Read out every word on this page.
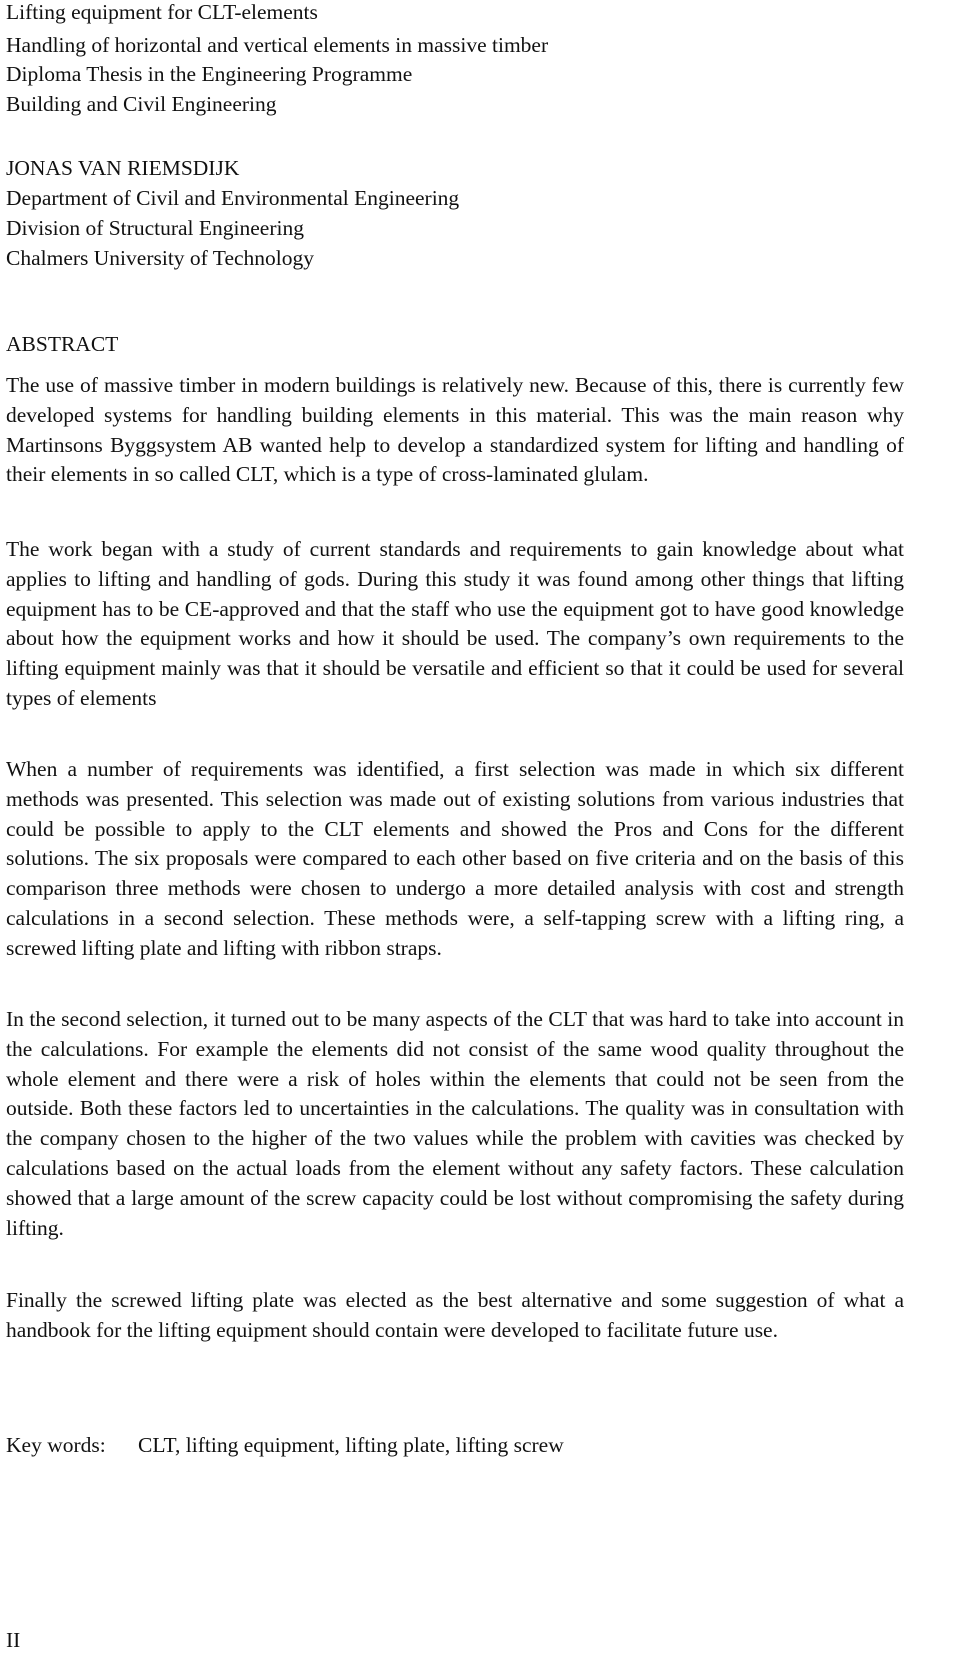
Lifting equipment for CLT-elements
Handling of horizontal and vertical elements in massive timber
Diploma Thesis in the Engineering Programme
Building and Civil Engineering
JONAS VAN RIEMSDIJK
Department of Civil and Environmental Engineering
Division of Structural Engineering
Chalmers University of Technology
ABSTRACT

The use of massive timber in modern buildings is relatively new. Because of this, there is currently few developed systems for handling building elements in this material. This was the main reason why Martinsons Byggsystem AB wanted help to develop a standardized system for lifting and handling of their elements in so called CLT, which is a type of cross-laminated glulam.

The work began with a study of current standards and requirements to gain knowledge about what applies to lifting and handling of gods. During this study it was found among other things that lifting equipment has to be CE-approved and that the staff who use the equipment got to have good knowledge about how the equipment works and how it should be used. The company’s own requirements to the lifting equipment mainly was that it should be versatile and efficient so that it could be used for several types of elements

When a number of requirements was identified, a first selection was made in which six different methods was presented. This selection was made out of existing solutions from various industries that could be possible to apply to the CLT elements and showed the Pros and Cons for the different solutions. The six proposals were compared to each other based on five criteria and on the basis of this comparison three methods were chosen to undergo a more detailed analysis with cost and strength calculations in a second selection. These methods were, a self-tapping screw with a lifting ring, a screwed lifting plate and lifting with ribbon straps.

In the second selection, it turned out to be many aspects of the CLT that was hard to take into account in the calculations. For example the elements did not consist of the same wood quality throughout the whole element and there were a risk of holes within the elements that could not be seen from the outside. Both these factors led to uncertainties in the calculations. The quality was in consultation with the company chosen to the higher of the two values while the problem with cavities was checked by calculations based on the actual loads from the element without any safety factors. These calculation showed that a large amount of the screw capacity could be lost without compromising the safety during lifting.

Finally the screwed lifting plate was elected as the best alternative and some suggestion of what a handbook for the lifting equipment should contain were developed to facilitate future use.

Key words: CLT, lifting equipment, lifting plate, lifting screw
II
